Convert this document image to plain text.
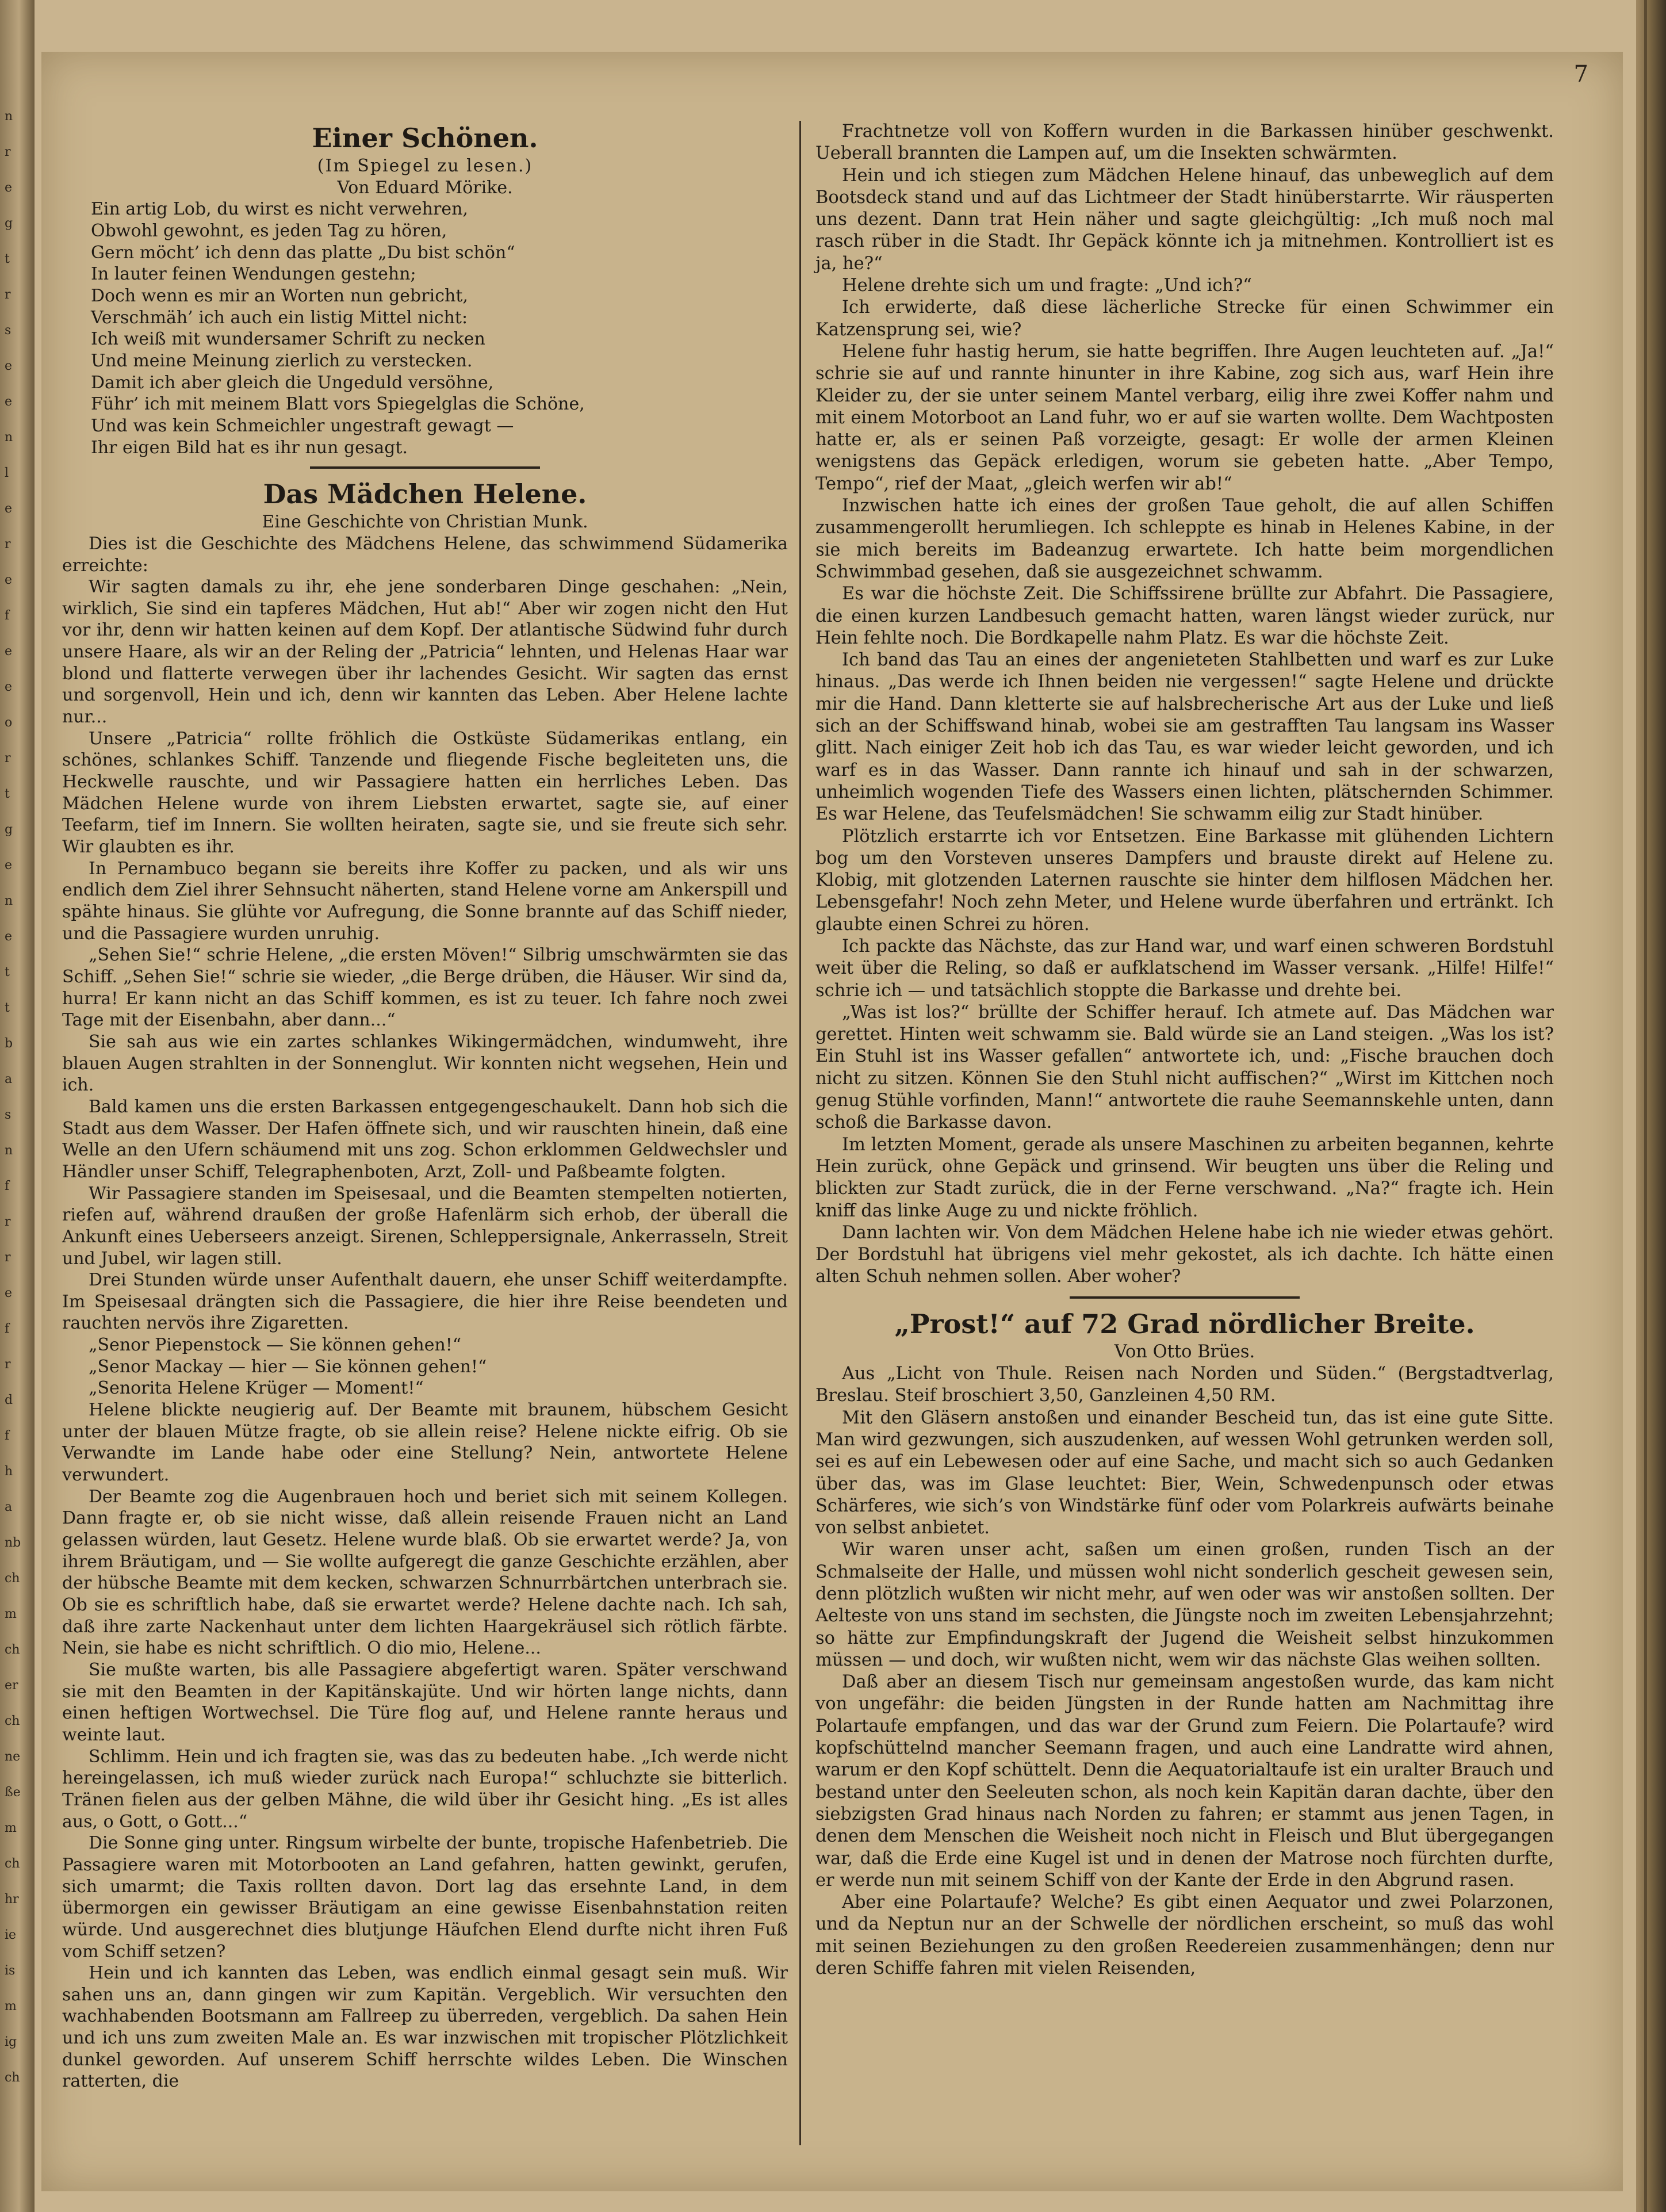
n
r
e
g
t
r
s
e
e
n
l
e
r
e
f
e
e
o
r
t
g
e
n
e
t
t
b
a
s
n
f
r
r
e
f
r
d
f
h
a
nb
ch
m
ch
er
ch
ne
ße
m
ch
hr
ie
is
m
ig
ch
7
Einer Schönen.

(Im Spiegel zu lesen.)

Von Eduard Mörike.

Ein artig Lob, du wirst es nicht verwehren,

Obwohl gewohnt, es jeden Tag zu hören,

Gern möcht’ ich denn das platte „Du bist schön“

In lauter feinen Wendungen gestehn;

Doch wenn es mir an Worten nun gebricht,

Verschmäh’ ich auch ein listig Mittel nicht:

Ich weiß mit wundersamer Schrift zu necken

Und meine Meinung zierlich zu verstecken.

Damit ich aber gleich die Ungeduld versöhne,

Führ’ ich mit meinem Blatt vors Spiegelglas die Schöne,

Und was kein Schmeichler ungestraft gewagt —

Ihr eigen Bild hat es ihr nun gesagt.

Das Mädchen Helene.

Eine Geschichte von Christian Munk.

Dies ist die Geschichte des Mädchens Helene, das schwimmend Südamerika erreichte:

Wir sagten damals zu ihr, ehe jene sonderbaren Dinge geschahen: „Nein, wirklich, Sie sind ein tapferes Mädchen, Hut ab!“ Aber wir zogen nicht den Hut vor ihr, denn wir hatten keinen auf dem Kopf. Der atlantische Südwind fuhr durch unsere Haare, als wir an der Reling der „Patricia“ lehnten, und Helenas Haar war blond und flatterte verwegen über ihr lachendes Gesicht. Wir sagten das ernst und sorgenvoll, Hein und ich, denn wir kannten das Leben. Aber Helene lachte nur...

Unsere „Patricia“ rollte fröhlich die Ostküste Südamerikas entlang, ein schönes, schlankes Schiff. Tanzende und fliegende Fische begleiteten uns, die Heckwelle rauschte, und wir Passagiere hatten ein herrliches Leben. Das Mädchen Helene wurde von ihrem Liebsten erwartet, sagte sie, auf einer Teefarm, tief im Innern. Sie wollten heiraten, sagte sie, und sie freute sich sehr. Wir glaubten es ihr.

In Pernambuco begann sie bereits ihre Koffer zu packen, und als wir uns endlich dem Ziel ihrer Sehnsucht näherten, stand Helene vorne am Ankerspill und spähte hinaus. Sie glühte vor Aufregung, die Sonne brannte auf das Schiff nieder, und die Passagiere wurden unruhig.

„Sehen Sie!“ schrie Helene, „die ersten Möven!“ Silbrig umschwärmten sie das Schiff. „Sehen Sie!“ schrie sie wieder, „die Berge drüben, die Häuser. Wir sind da, hurra! Er kann nicht an das Schiff kommen, es ist zu teuer. Ich fahre noch zwei Tage mit der Eisenbahn, aber dann...“

Sie sah aus wie ein zartes schlankes Wikingermädchen, windumweht, ihre blauen Augen strahlten in der Sonnenglut. Wir konnten nicht wegsehen, Hein und ich.

Bald kamen uns die ersten Barkassen entgegengeschaukelt. Dann hob sich die Stadt aus dem Wasser. Der Hafen öffnete sich, und wir rauschten hinein, daß eine Welle an den Ufern schäumend mit uns zog. Schon erklommen Geldwechsler und Händler unser Schiff, Telegraphenboten, Arzt, Zoll- und Paßbeamte folgten.

Wir Passagiere standen im Speisesaal, und die Beamten stempelten notierten, riefen auf, während draußen der große Hafenlärm sich erhob, der überall die Ankunft eines Ueberseers anzeigt. Sirenen, Schleppersignale, Ankerrasseln, Streit und Jubel, wir lagen still.

Drei Stunden würde unser Aufenthalt dauern, ehe unser Schiff weiterdampfte. Im Speisesaal drängten sich die Passagiere, die hier ihre Reise beendeten und rauchten nervös ihre Zigaretten.

„Senor Piepenstock — Sie können gehen!“

„Senor Mackay — hier — Sie können gehen!“

„Senorita Helene Krüger — Moment!“

Helene blickte neugierig auf. Der Beamte mit braunem, hübschem Gesicht unter der blauen Mütze fragte, ob sie allein reise? Helene nickte eifrig. Ob sie Verwandte im Lande habe oder eine Stellung? Nein, antwortete Helene verwundert.

Der Beamte zog die Augenbrauen hoch und beriet sich mit seinem Kollegen. Dann fragte er, ob sie nicht wisse, daß allein reisende Frauen nicht an Land gelassen würden, laut Gesetz. Helene wurde blaß. Ob sie erwartet werde? Ja, von ihrem Bräutigam, und — Sie wollte aufgeregt die ganze Geschichte erzählen, aber der hübsche Beamte mit dem kecken, schwarzen Schnurrbärtchen unterbrach sie. Ob sie es schriftlich habe, daß sie erwartet werde? Helene dachte nach. Ich sah, daß ihre zarte Nackenhaut unter dem lichten Haargekräusel sich rötlich färbte. Nein, sie habe es nicht schriftlich. O dio mio, Helene...

Sie mußte warten, bis alle Passagiere abgefertigt waren. Später verschwand sie mit den Beamten in der Kapitänskajüte. Und wir hörten lange nichts, dann einen heftigen Wortwechsel. Die Türe flog auf, und Helene rannte heraus und weinte laut.

Schlimm. Hein und ich fragten sie, was das zu bedeuten habe. „Ich werde nicht hereingelassen, ich muß wieder zurück nach Europa!“ schluchzte sie bitterlich. Tränen fielen aus der gelben Mähne, die wild über ihr Gesicht hing. „Es ist alles aus, o Gott, o Gott...“

Die Sonne ging unter. Ringsum wirbelte der bunte, tropische Hafenbetrieb. Die Passagiere waren mit Motorbooten an Land gefahren, hatten gewinkt, gerufen, sich umarmt; die Taxis rollten davon. Dort lag das ersehnte Land, in dem übermorgen ein gewisser Bräutigam an eine gewisse Eisenbahnstation reiten würde. Und ausgerechnet dies blutjunge Häufchen Elend durfte nicht ihren Fuß vom Schiff setzen?

Hein und ich kannten das Leben, was endlich einmal gesagt sein muß. Wir sahen uns an, dann gingen wir zum Kapitän. Vergeblich. Wir versuchten den wachhabenden Bootsmann am Fallreep zu überreden, vergeblich. Da sahen Hein und ich uns zum zweiten Male an. Es war inzwischen mit tropischer Plötzlichkeit dunkel geworden. Auf unserem Schiff herrschte wildes Leben. Die Winschen ratterten, die

Frachtnetze voll von Koffern wurden in die Barkassen hinüber geschwenkt. Ueberall brannten die Lampen auf, um die Insekten schwärmten.

Hein und ich stiegen zum Mädchen Helene hinauf, das unbeweglich auf dem Bootsdeck stand und auf das Lichtmeer der Stadt hinüberstarrte. Wir räusperten uns dezent. Dann trat Hein näher und sagte gleichgültig: „Ich muß noch mal rasch rüber in die Stadt. Ihr Gepäck könnte ich ja mitnehmen. Kontrolliert ist es ja, he?“

Helene drehte sich um und fragte: „Und ich?“

Ich erwiderte, daß diese lächerliche Strecke für einen Schwimmer ein Katzensprung sei, wie?

Helene fuhr hastig herum, sie hatte begriffen. Ihre Augen leuchteten auf. „Ja!“ schrie sie auf und rannte hinunter in ihre Kabine, zog sich aus, warf Hein ihre Kleider zu, der sie unter seinem Mantel verbarg, eilig ihre zwei Koffer nahm und mit einem Motorboot an Land fuhr, wo er auf sie warten wollte. Dem Wachtposten hatte er, als er seinen Paß vorzeigte, gesagt: Er wolle der armen Kleinen wenigstens das Gepäck erledigen, worum sie gebeten hatte. „Aber Tempo, Tempo“, rief der Maat, „gleich werfen wir ab!“

Inzwischen hatte ich eines der großen Taue geholt, die auf allen Schiffen zusammengerollt herumliegen. Ich schleppte es hinab in Helenes Kabine, in der sie mich bereits im Badeanzug erwartete. Ich hatte beim morgendlichen Schwimmbad gesehen, daß sie ausgezeichnet schwamm.

Es war die höchste Zeit. Die Schiffssirene brüllte zur Abfahrt. Die Passagiere, die einen kurzen Landbesuch gemacht hatten, waren längst wieder zurück, nur Hein fehlte noch. Die Bordkapelle nahm Platz. Es war die höchste Zeit.

Ich band das Tau an eines der angenieteten Stahlbetten und warf es zur Luke hinaus. „Das werde ich Ihnen beiden nie vergessen!“ sagte Helene und drückte mir die Hand. Dann kletterte sie auf halsbrecherische Art aus der Luke und ließ sich an der Schiffswand hinab, wobei sie am gestrafften Tau langsam ins Wasser glitt. Nach einiger Zeit hob ich das Tau, es war wieder leicht geworden, und ich warf es in das Wasser. Dann rannte ich hinauf und sah in der schwarzen, unheimlich wogenden Tiefe des Wassers einen lichten, plätschernden Schimmer. Es war Helene, das Teufelsmädchen! Sie schwamm eilig zur Stadt hinüber.

Plötzlich erstarrte ich vor Entsetzen. Eine Barkasse mit glühenden Lichtern bog um den Vorsteven unseres Dampfers und brauste direkt auf Helene zu. Klobig, mit glotzenden Laternen rauschte sie hinter dem hilflosen Mädchen her. Lebensgefahr! Noch zehn Meter, und Helene wurde überfahren und ertränkt. Ich glaubte einen Schrei zu hören.

Ich packte das Nächste, das zur Hand war, und warf einen schweren Bordstuhl weit über die Reling, so daß er aufklatschend im Wasser versank. „Hilfe! Hilfe!“ schrie ich — und tatsächlich stoppte die Barkasse und drehte bei.

„Was ist los?“ brüllte der Schiffer herauf. Ich atmete auf. Das Mädchen war gerettet. Hinten weit schwamm sie. Bald würde sie an Land steigen. „Was los ist? Ein Stuhl ist ins Wasser gefallen“ antwortete ich, und: „Fische brauchen doch nicht zu sitzen. Können Sie den Stuhl nicht auffischen?“ „Wirst im Kittchen noch genug Stühle vorfinden, Mann!“ antwortete die rauhe Seemannskehle unten, dann schoß die Barkasse davon.

Im letzten Moment, gerade als unsere Maschinen zu arbeiten begannen, kehrte Hein zurück, ohne Gepäck und grinsend. Wir beugten uns über die Reling und blickten zur Stadt zurück, die in der Ferne verschwand. „Na?“ fragte ich. Hein kniff das linke Auge zu und nickte fröhlich.

Dann lachten wir. Von dem Mädchen Helene habe ich nie wieder etwas gehört. Der Bordstuhl hat übrigens viel mehr gekostet, als ich dachte. Ich hätte einen alten Schuh nehmen sollen. Aber woher?

„Prost!“ auf 72 Grad nördlicher Breite.

Von Otto Brües.

Aus „Licht von Thule. Reisen nach Norden und Süden.“ (Bergstadtverlag, Breslau. Steif broschiert 3,50, Ganzleinen 4,50 RM.

Mit den Gläsern anstoßen und einander Bescheid tun, das ist eine gute Sitte. Man wird gezwungen, sich auszudenken, auf wessen Wohl getrunken werden soll, sei es auf ein Lebewesen oder auf eine Sache, und macht sich so auch Gedanken über das, was im Glase leuchtet: Bier, Wein, Schwedenpunsch oder etwas Schärferes, wie sich’s von Windstärke fünf oder vom Polarkreis aufwärts beinahe von selbst anbietet.

Wir waren unser acht, saßen um einen großen, runden Tisch an der Schmalseite der Halle, und müssen wohl nicht sonderlich gescheit gewesen sein, denn plötzlich wußten wir nicht mehr, auf wen oder was wir anstoßen sollten. Der Aelteste von uns stand im sechsten, die Jüngste noch im zweiten Lebensjahrzehnt; so hätte zur Empfindungskraft der Jugend die Weisheit selbst hinzukommen müssen — und doch, wir wußten nicht, wem wir das nächste Glas weihen sollten.

Daß aber an diesem Tisch nur gemeinsam angestoßen wurde, das kam nicht von ungefähr: die beiden Jüngsten in der Runde hatten am Nachmittag ihre Polartaufe empfangen, und das war der Grund zum Feiern. Die Polartaufe? wird kopfschüttelnd mancher Seemann fragen, und auch eine Landratte wird ahnen, warum er den Kopf schüttelt. Denn die Aequatorialtaufe ist ein uralter Brauch und bestand unter den Seeleuten schon, als noch kein Kapitän daran dachte, über den siebzigsten Grad hinaus nach Norden zu fahren; er stammt aus jenen Tagen, in denen dem Menschen die Weisheit noch nicht in Fleisch und Blut übergegangen war, daß die Erde eine Kugel ist und in denen der Matrose noch fürchten durfte, er werde nun mit seinem Schiff von der Kante der Erde in den Abgrund rasen.

Aber eine Polartaufe? Welche? Es gibt einen Aequator und zwei Polarzonen, und da Neptun nur an der Schwelle der nördlichen erscheint, so muß das wohl mit seinen Beziehungen zu den großen Reedereien zusammenhängen; denn nur deren Schiffe fahren mit vielen Reisenden,
